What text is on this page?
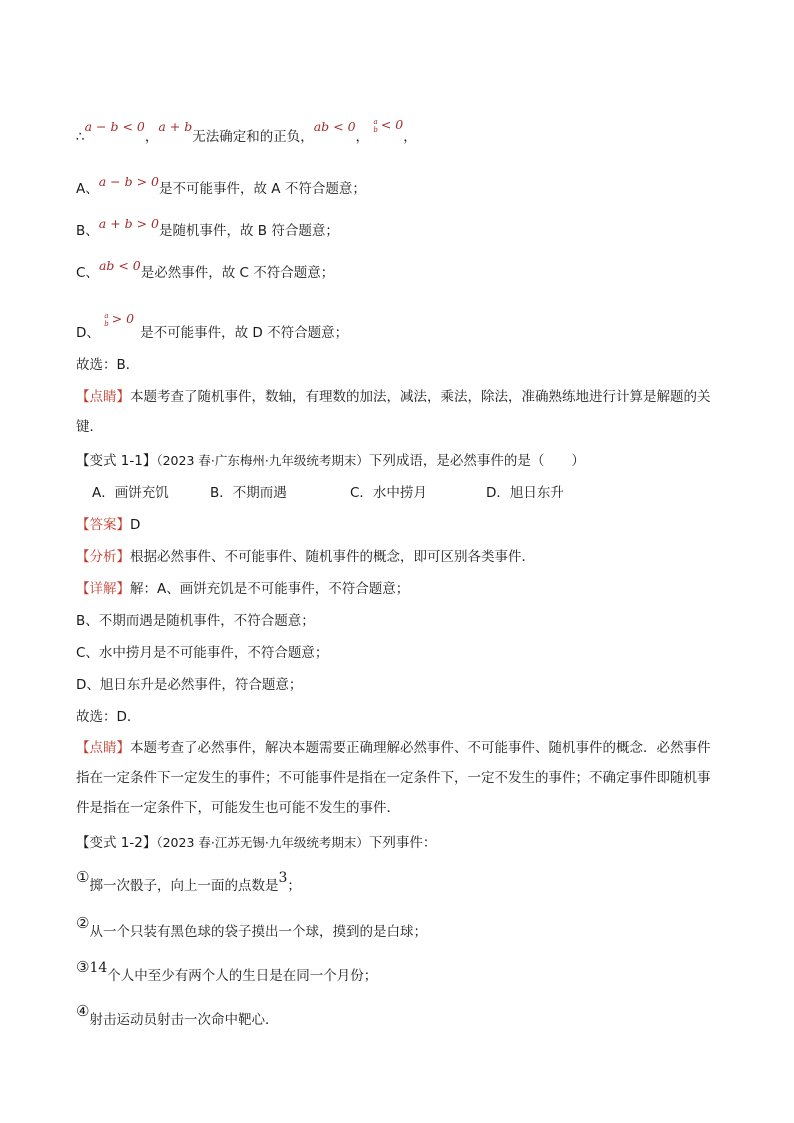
∴a − b < 0，a + b无法确定和的正负，ab < 0，
a
b < 0，
A、a − b > 0是不可能事件，故 A 不符合题意；
B、a + b > 0是随机事件，故 B 符合题意；
C、ab < 0是必然事件，故 C 不符合题意；
D、
a
b > 0是不可能事件，故 D 不符合题意；
故选：B．
【点睛】本题考查了随机事件，数轴，有理数的加法，减法，乘法，除法，准确熟练地进行计算是解题的关键．
【变式 1-1】（2023 春·广东梅州·九年级统考期末）下列成语，是必然事件的是（　　）
A．画饼充饥	B．不期而遇	C．水中捞月	D．旭日东升
【答案】D
【分析】根据必然事件、不可能事件、随机事件的概念，即可区别各类事件．
【详解】解：A、画饼充饥是不可能事件，不符合题意；
B、不期而遇是随机事件，不符合题意；
C、水中捞月是不可能事件，不符合题意；
D、旭日东升是必然事件，符合题意；
故选：D．
【点睛】本题考查了必然事件，解决本题需要正确理解必然事件、不可能事件、随机事件的概念．必然事件指在一定条件下一定发生的事件；不可能事件是指在一定条件下，一定不发生的事件；不确定事件即随机事件是指在一定条件下，可能发生也可能不发生的事件．
【变式 1-2】（2023 春·江苏无锡·九年级统考期末）下列事件：
①掷一次骰子，向上一面的点数是3；
②从一个只装有黑色球的袋子摸出一个球，摸到的是白球；
③14个人中至少有两个人的生日是在同一个月份；
④射击运动员射击一次命中靶心．
